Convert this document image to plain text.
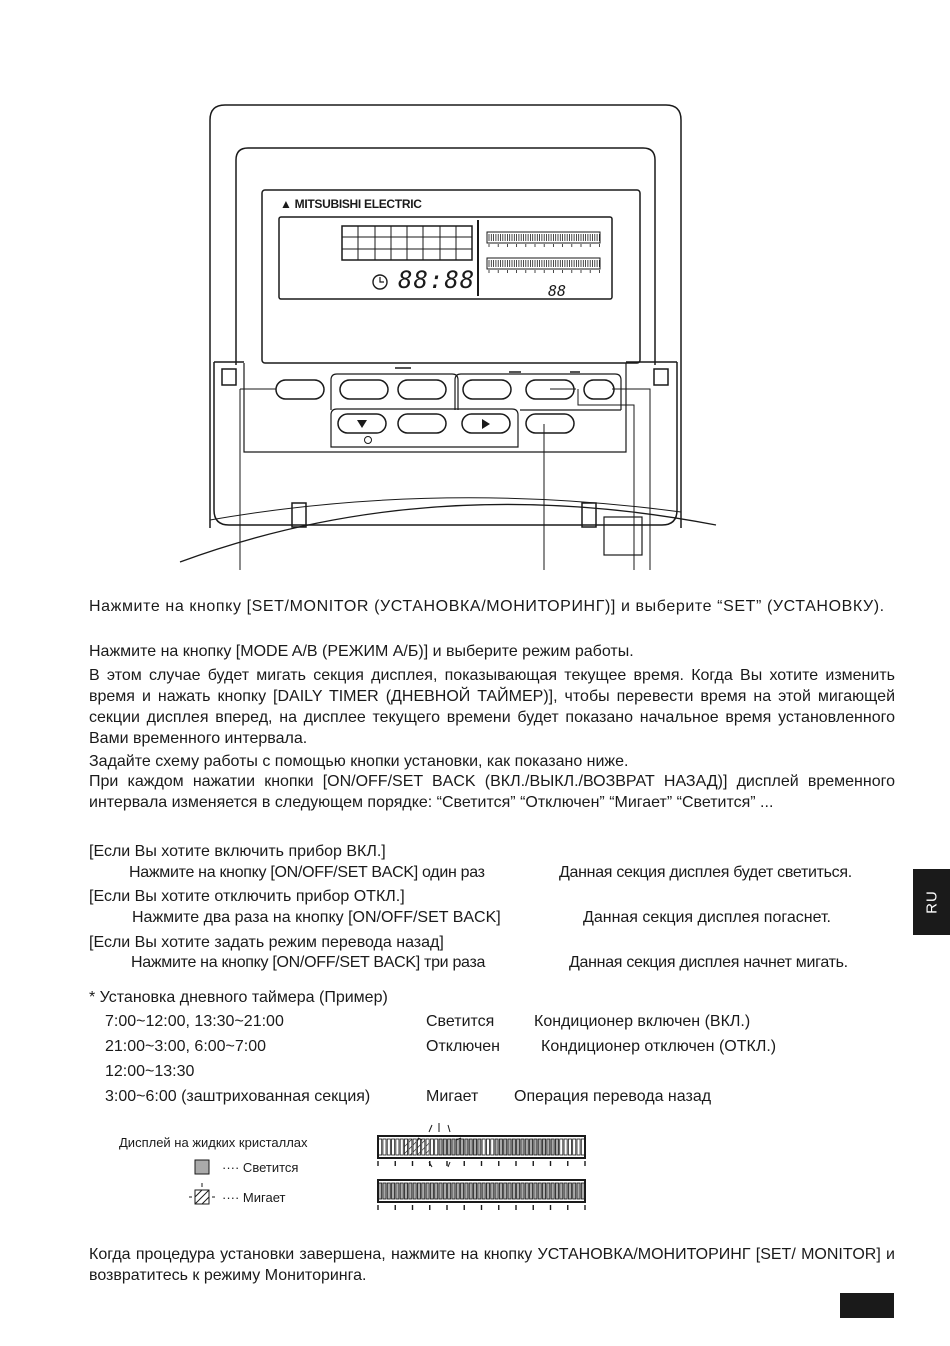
▲︎ MITSUBISHI ELECTRIC
88:88	88
RU
Нажмите на кнопку [SET/MONITOR (УСТАНОВКА/МОНИТОРИНГ)] и выберите “SET” (УСТАНОВКУ).
Нажмите на кнопку [MODE A/B (РЕЖИМ А/Б)] и выберите режим работы.
В этом случае будет мигать секция дисплея, показывающая текущее время. Когда Вы хотите изменить время и нажать кнопку [DAILY TIMER (ДНЕВНОЙ ТАЙМЕР)], чтобы перевести время на этой мигающей секции дисплея вперед, на дисплее текущего времени будет показано начальное время установленного Вами временного интервала.
Задайте схему работы с помощью кнопки установки, как показано ниже.
При каждом нажатии кнопки [ON/OFF/SET BACK (ВКЛ./ВЫКЛ./ВОЗВРАТ НАЗАД)] дисплей временного интервала изменяется в следующем порядке: “Светится” “Отключен” “Мигает” “Светится” ...
[Если Вы хотите включить прибор ВКЛ.]
Нажмите на кнопку [ON/OFF/SET BACK] один раз	Данная секция дисплея будет светиться.
[Если Вы хотите отключить прибор ОТКЛ.]
Нажмите два раза на кнопку [ON/OFF/SET BACK]	Данная секция дисплея погаснет.
[Если Вы хотите задать режим перевода назад]
Нажмите на кнопку [ON/OFF/SET BACK] три раза	Данная секция дисплея начнет мигать.
* Установка дневного таймера (Пример)
7:00~12:00, 13:30~21:00	Светится Кондиционер включен (ВКЛ.)
21:00~3:00, 6:00~7:00	Отключен	Кондиционер отключен (ОТКЛ.)
12:00~13:30
3:00~6:00 (заштрихованная секция)	Мигает Операция перевода назад
Дисплей на жидких кристаллах
···· Светится
···· Мигает
Когда процедура установки завершена, нажмите на кнопку УСТАНОВКА/МОНИТОРИНГ [SET/ MONITOR] и возвратитесь к режиму Мониторинга.
